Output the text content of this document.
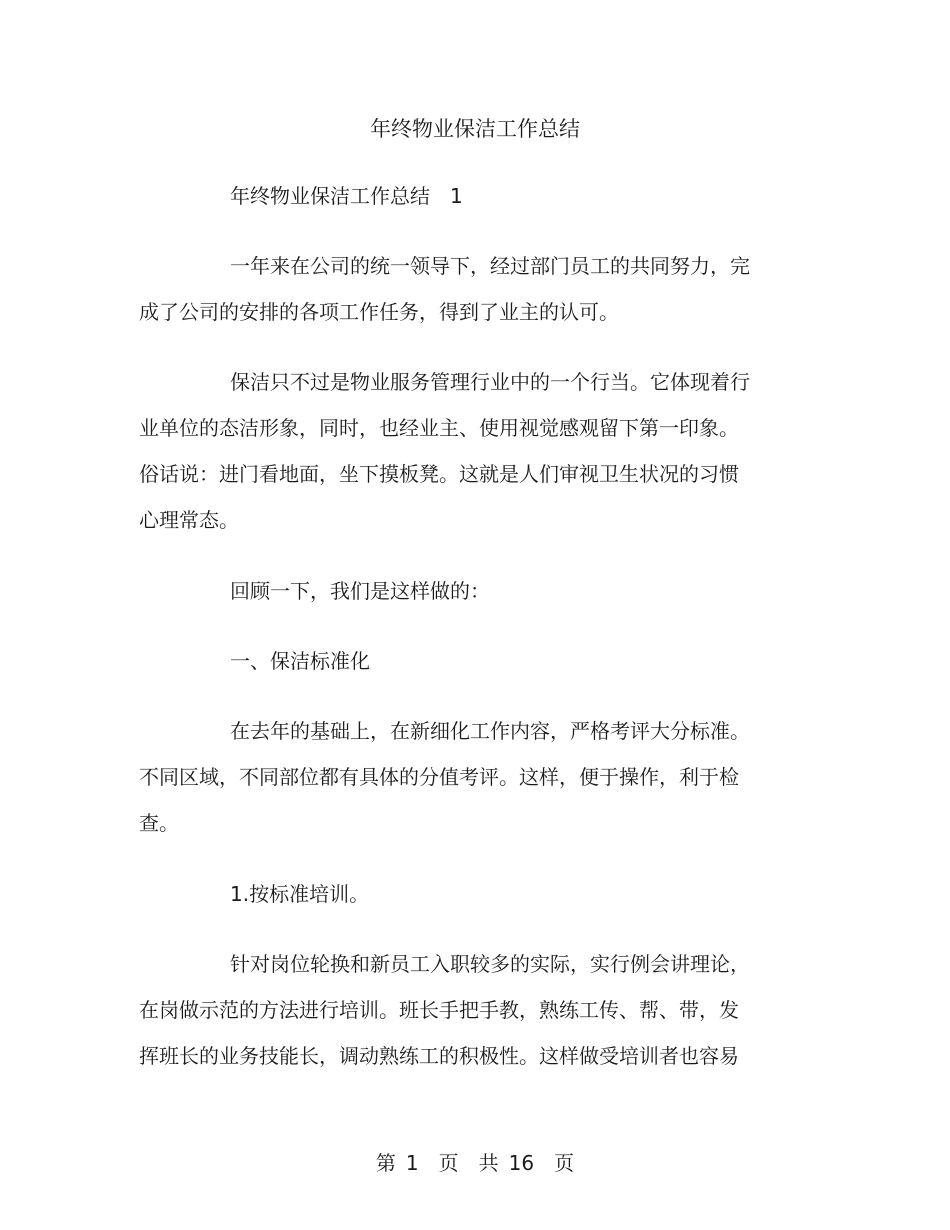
年终物业保洁工作总结

年终物业保洁工作总结　1

一年来在公司的统一领导下，经过部门员工的共同努力，完

成了公司的安排的各项工作任务，得到了业主的认可。

保洁只不过是物业服务管理行业中的一个行当。它体现着行

业单位的态洁形象，同时，也经业主、使用视觉感观留下第一印象。

俗话说：进门看地面，坐下摸板凳。这就是人们审视卫生状况的习惯

心理常态。

回顾一下，我们是这样做的：

一、保洁标准化

在去年的基础上，在新细化工作内容，严格考评大分标准。

不同区域，不同部位都有具体的分值考评。这样，便于操作，利于检

查。

1.按标准培训。

针对岗位轮换和新员工入职较多的实际，实行例会讲理论，

在岗做示范的方法进行培训。班长手把手教，熟练工传、帮、带，发

挥班长的业务技能长，调动熟练工的积极性。这样做受培训者也容易

第 1 页 共 16 页
